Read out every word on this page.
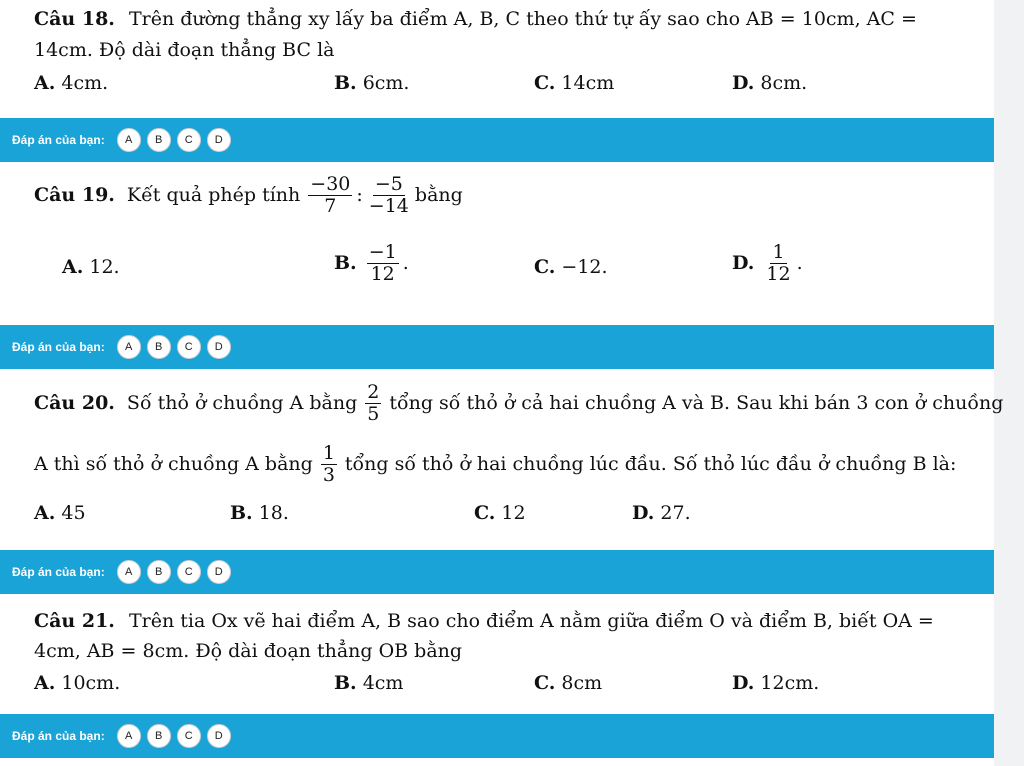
Câu 18. Trên đường thẳng xy lấy ba điểm A, B, C theo thứ tự ấy sao cho AB = 10cm, AC =
14cm. Độ dài đoạn thẳng BC là
A. 4cm.	B. 6cm.	C. 14cm	D. 8cm.
Đáp án của bạn:	A	B	C	D
Câu 19. Kết quả phép tính $\frac{-30}{7}$ : $\frac{-5}{-14}$ bằng
A. 12.	B. $\frac{-1}{12}$ .	C. −12.	D. $\frac{1}{12}$ .
Đáp án của bạn:	A	B	C	D
Câu 20. Số thỏ ở chuồng A bằng $\frac{2}{5}$ tổng số thỏ ở cả hai chuồng A và B. Sau khi bán 3 con ở chuồng
A thì số thỏ ở chuồng A bằng $\frac{1}{3}$ tổng số thỏ ở hai chuồng lúc đầu. Số thỏ lúc đầu ở chuồng B là:
A. 45	B. 18.	C. 12	D. 27.
Đáp án của bạn:	A	B	C	D
Câu 21. Trên tia Ox vẽ hai điểm A, B sao cho điểm A nằm giữa điểm O và điểm B, biết OA =
4cm, AB = 8cm. Độ dài đoạn thẳng OB bằng
A. 10cm.	B. 4cm	C. 8cm	D. 12cm.
Đáp án của bạn:	A	B	C	D
